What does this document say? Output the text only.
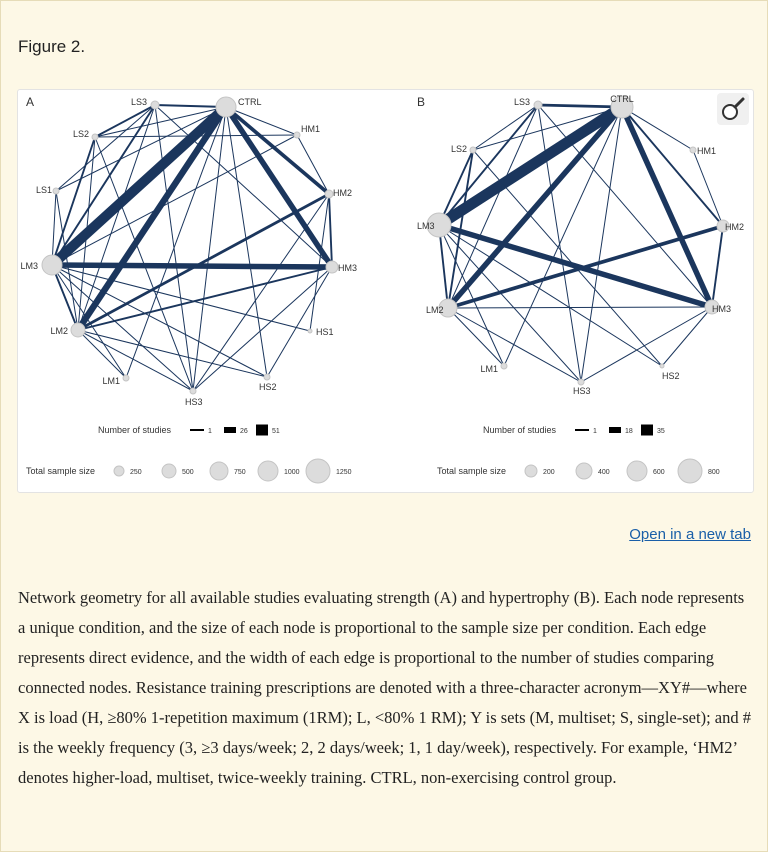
Figure 2.
A	CTRL
HM1
HM2
HM3
HS1
HS2
HS3
LM1
LM2
LM3
LS1
LS2
LS3
Number of studies	1	26	51
Total sample size	250	500	750	1000	1250
B	CTRL
HM1
HM2
HM3
HS2
HS3
LM1
LM2
LM3
LS2
LS3
Number of studies	1	18	35
Total sample size	200	400	600	800
Open in a new tab
Network geometry for all available studies evaluating strength (A) and hypertrophy (B). Each node represents a unique condition, and the size of each node is proportional to the sample size per condition. Each edge represents direct evidence, and the width of each edge is proportional to the number of studies comparing connected nodes. Resistance training prescriptions are denoted with a three-character acronym—XY#—where X is load (H, ≥80% 1-repetition maximum (1RM); L, <80% 1 RM); Y is sets (M, multiset; S, single-set); and # is the weekly frequency (3, ≥3 days/week; 2, 2 days/week; 1, 1 day/week), respectively. For example, ‘HM2’ denotes higher-load, multiset, twice-weekly training. CTRL, non-exercising control group.
